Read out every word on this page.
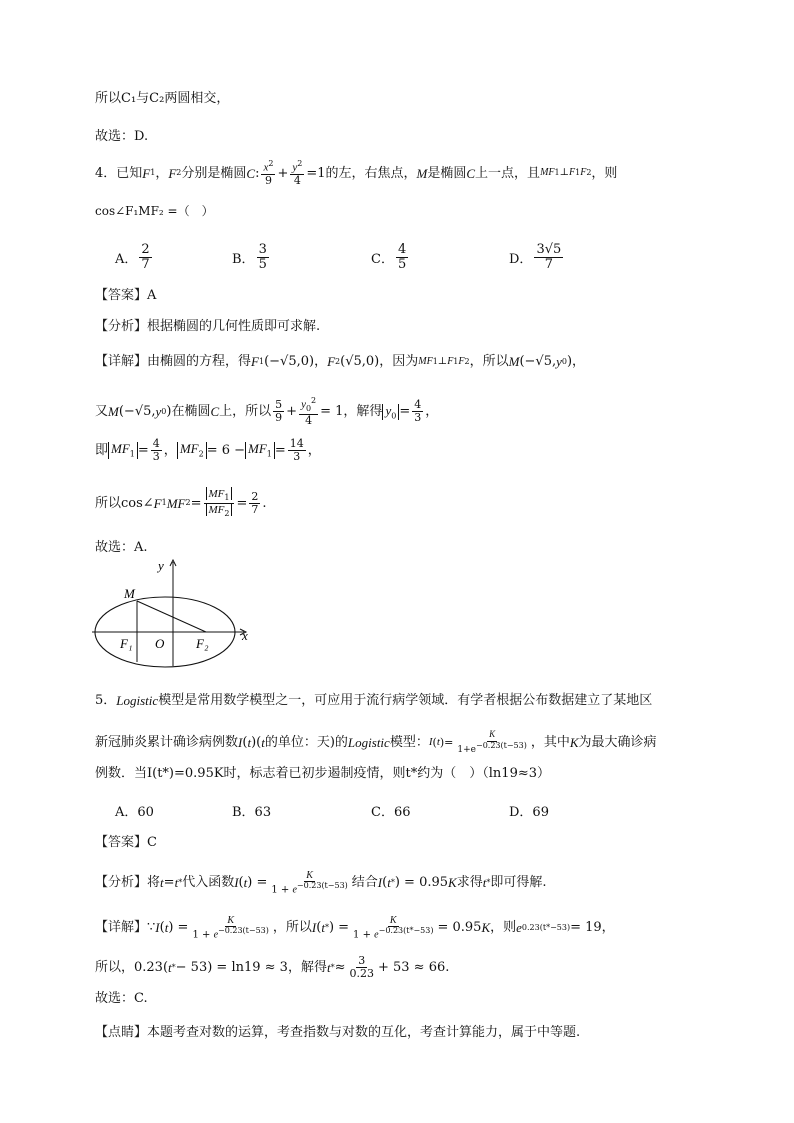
所以C₁与C₂两圆相交，
故选：D.
4．已知 F 1 ， F 2 分别是椭圆 C : $\frac{x^2}{9} + \frac{y^2}{4} =1$的左，右焦点， M 是椭圆 C 上一点，且 MF 1 ⊥ F 1 F 2 ，则
cos∠F₁MF₂ =（　）
A． $\frac{2}{7}$	B． $\frac{3}{5}$	C． $\frac{4}{5}$	D． $\frac{3√5}{7}$
【答案】 A
【分析】 根据椭圆的几何性质即可求解.
【详解】 由椭圆的方程，得 F 1 (−√5,0)， F 2 (√5,0)，因为 MF 1 ⊥ F 1 F 2 ，所以 M (−√5, y 0 )，
又 M (−√5, y 0 )在椭圆 C 上，所以 $\frac{5}{9} + \frac{y_0^2}{4} = 1$，解得 $y_0 = \frac{4}{3}$ ，
即 $MF_1 = \frac{4}{3}$ ， $MF_2 = 6 - MF_1 = \frac{14}{3}$ ，
所以cos∠ F 1 MF $2 = \frac{MF_1}{MF_2} = \frac{2}{7}$ .
故选：A.
y
x
M
F₁ O F₂
5． Logistic 模型是常用数学模型之一，可应用于流行病学领域．有学者根据公布数据建立了某地区
新冠肺炎累计确诊病例数 I ( t )( t 的单位：天)的 Logistic 模型： I ( t )= $\frac{K}{1+e^{-0.23(t-53)}}$ ，其中 K 为最大确诊病
例数．当I(t*)=0.95K时，标志着已初步遏制疫情，则t*约为（　）（ln19≈3）
A．60	B．63	C．66	D．69
【答案】 C
【分析】 将 t = t * 代入函数 I ( t ) = $\frac{K}{1 + e^{-0.23(t-53)}}$ 结合 I ( t * ) = 0.95 K 求得 t * 即可得解.
【详解】 ∵ I ( t ) = $\frac{K}{1 + e^{-0.23(t-53)}}$ ，所以 I ( t * ) = $\frac{K}{1 + e^{-0.23(t*-53)}} = 0.95$ K ，则 e 0.23(t*−53) = 19，
所以，0.23( t * − 53) = ln19 ≈ 3，解得 t * ≈ $\frac{3}{0.23} + 53 \approx 66$.
故选：C.
【点睛】 本题考查对数的运算，考查指数与对数的互化，考查计算能力，属于中等题.
